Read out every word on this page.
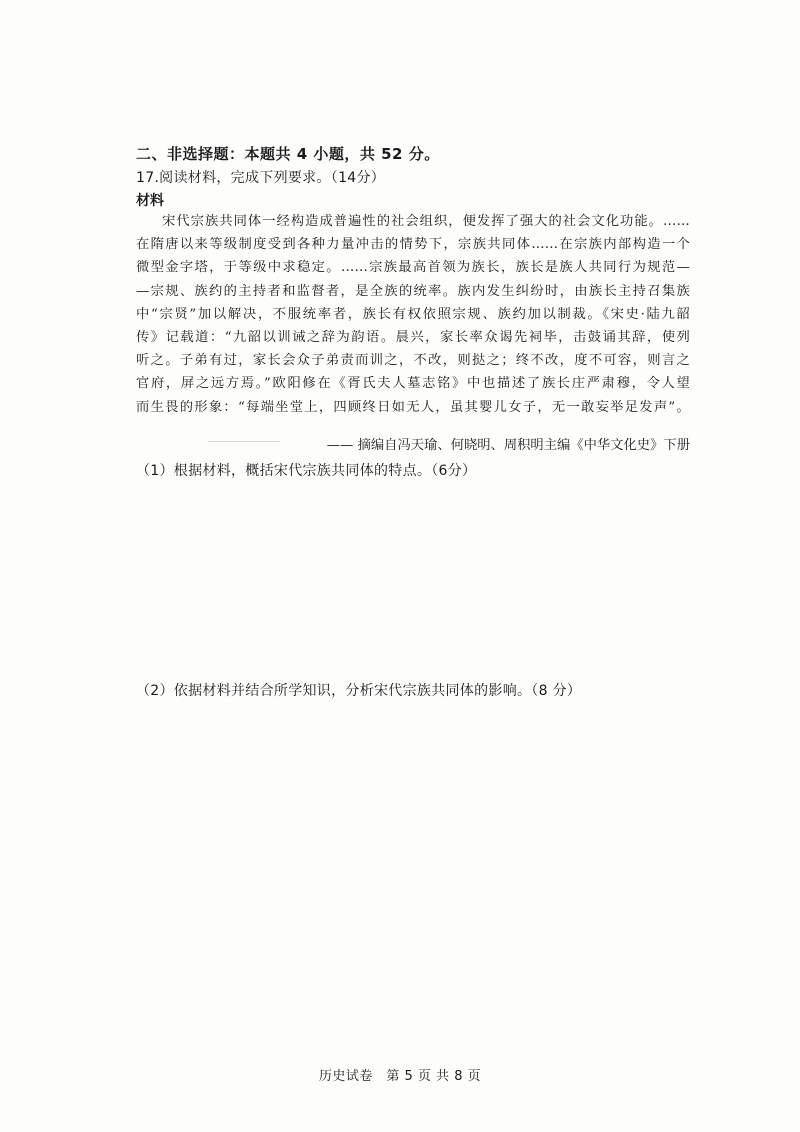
二、非选择题：本题共 4 小题，共 52 分。
17.阅读材料，完成下列要求。（14分）
材料
宋代宗族共同体一经构造成普遍性的社会组织，便发挥了强大的社会文化功能。……
在隋唐以来等级制度受到各种力量冲击的情势下，宗族共同体……在宗族内部构造一个
微型金字塔，于等级中求稳定。……宗族最高首领为族长，族长是族人共同行为规范—
—宗规、族约的主持者和监督者，是全族的统率。族内发生纠纷时，由族长主持召集族
中“宗贤”加以解决，不服统率者，族长有权依照宗规、族约加以制裁。《宋史·陆九韶
传》记载道：“九韶以训诫之辞为韵语。晨兴，家长率众谒先祠毕，击鼓诵其辞，使列
听之。子弟有过，家长会众子弟责而训之，不改，则挞之；终不改，度不可容，则言之
官府，屏之远方焉。”欧阳修在《胥氏夫人墓志铭》中也描述了族长庄严肃穆，令人望
而生畏的形象：“每端坐堂上，四顾终日如无人，虽其婴儿女子，无一敢妄举足发声”。
—— 摘编自冯天瑜、何晓明、周积明主编《中华文化史》下册
（1）根据材料，概括宋代宗族共同体的特点。（6分）
（2）依据材料并结合所学知识，分析宋代宗族共同体的影响。（8 分）
历史试卷　第 5 页 共 8 页
